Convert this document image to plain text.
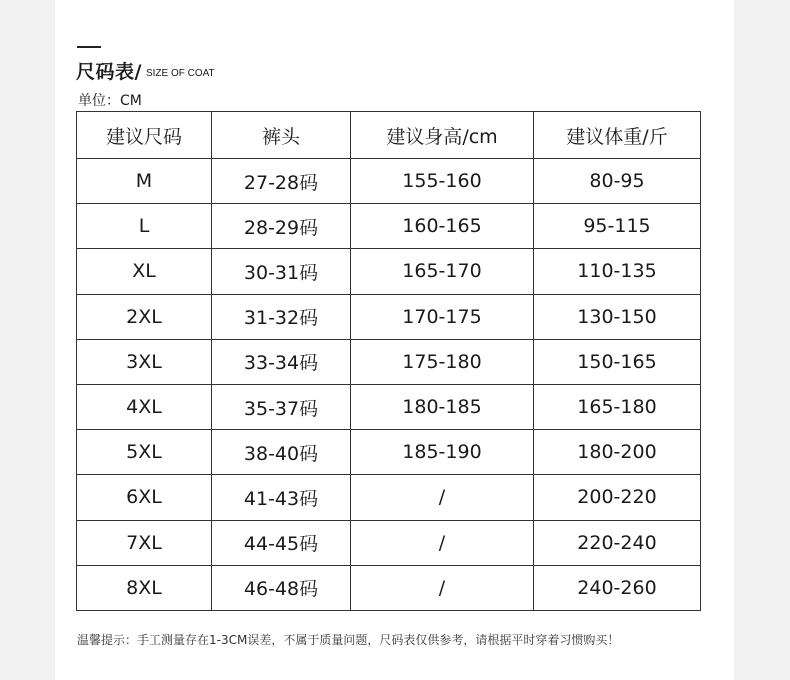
尺码表/ $^{SIZE OF COAT}$
单位：CM
建议尺码	裤头	建议身高/cm	建议体重/斤
M	27-28码	155-160	80-95
L	28-29码	160-165	95-115
XL	30-31码	165-170	110-135
2XL	31-32码	170-175	130-150
3XL	33-34码	175-180	150-165
4XL	35-37码	180-185	165-180
5XL	38-40码	185-190	180-200
6XL	41-43码	/	200-220
7XL	44-45码	/	220-240
8XL	46-48码	/	240-260
温馨提示：手工测量存在1-3CM误差，不属于质量问题，尺码表仅供参考，请根据平时穿着习惯购买！
